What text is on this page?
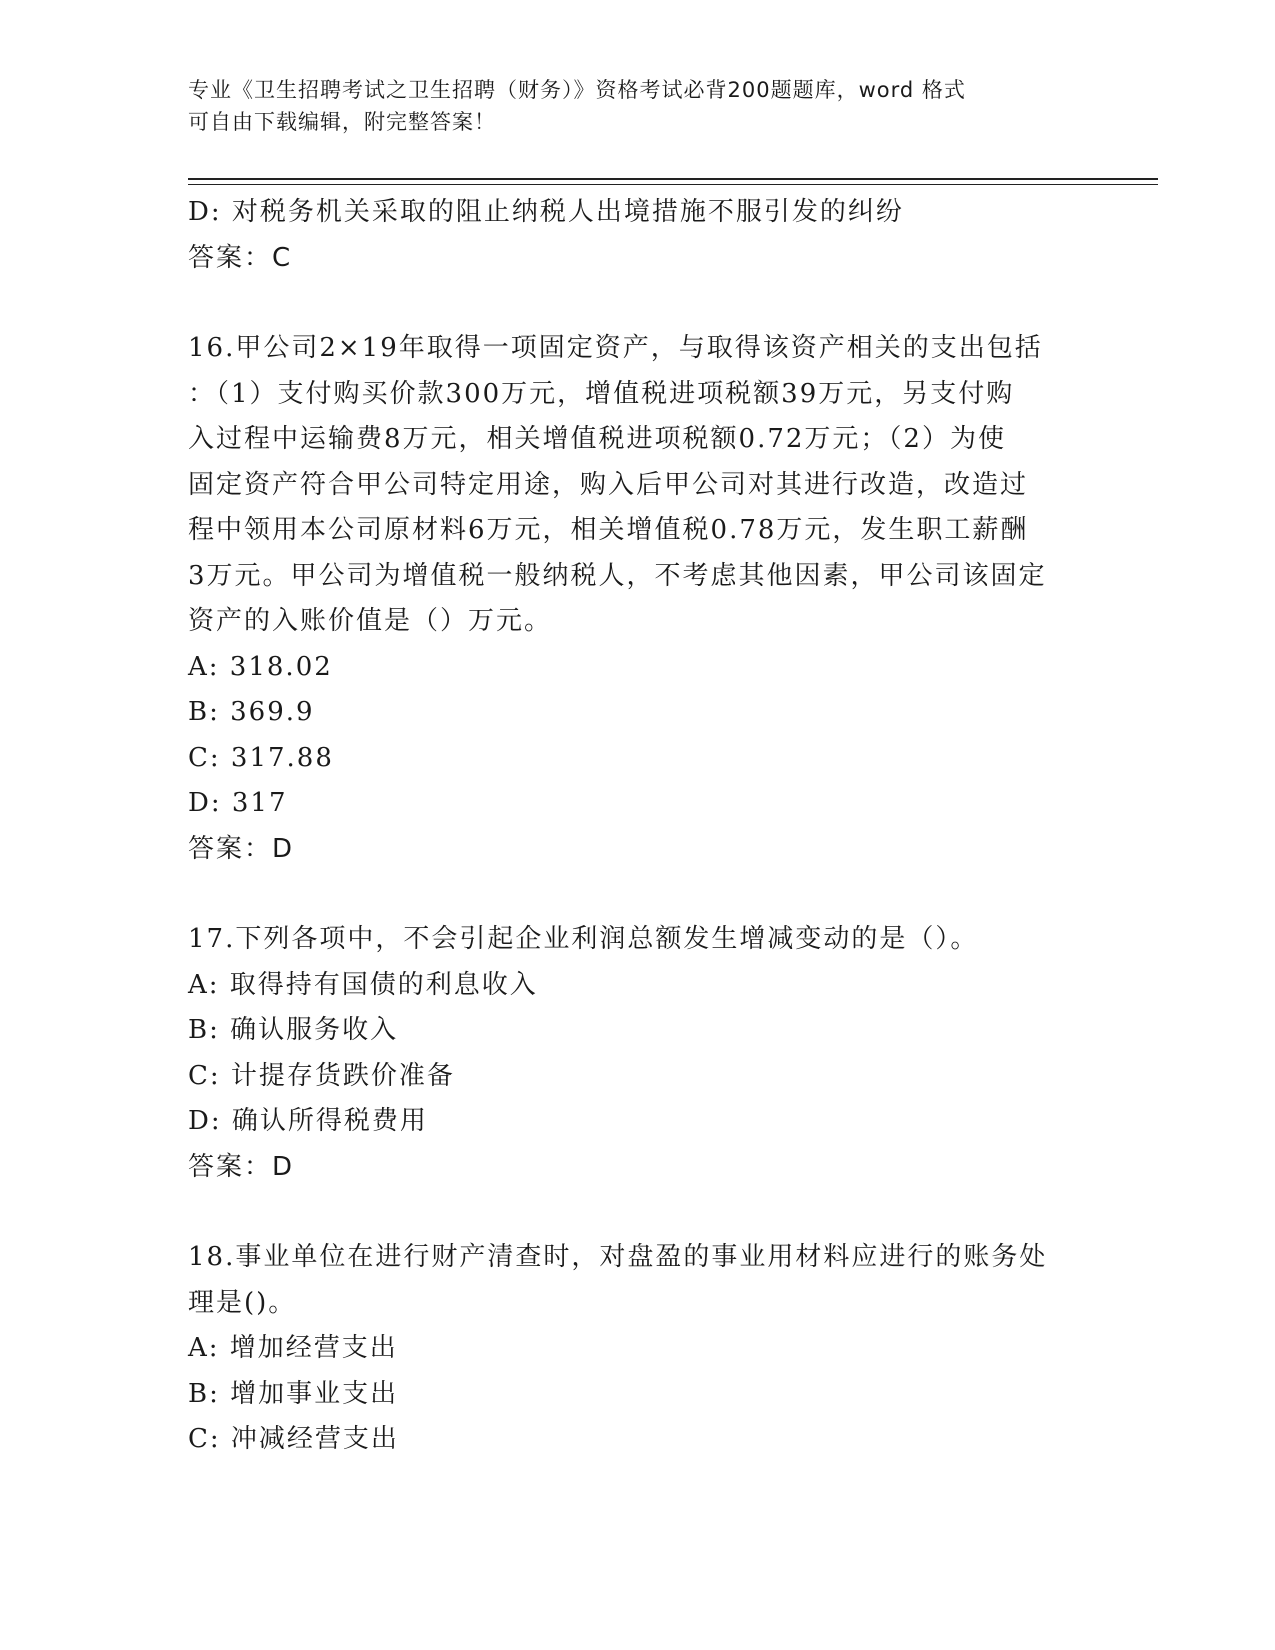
专业《卫生招聘考试之卫生招聘（财务）》资格考试必背200题题库，word 格式
可自由下载编辑，附完整答案！

D: 对税务机关采取的阻止纳税人出境措施不服引发的纠纷

答案：C

16.甲公司2×19年取得一项固定资产，与取得该资产相关的支出包括

：（1）支付购买价款300万元，增值税进项税额39万元，另支付购

入过程中运输费8万元，相关增值税进项税额0.72万元；（2）为使

固定资产符合甲公司特定用途，购入后甲公司对其进行改造，改造过

程中领用本公司原材料6万元，相关增值税0.78万元，发生职工薪酬

3万元。甲公司为增值税一般纳税人，不考虑其他因素，甲公司该固定

资产的入账价值是（）万元。

A: 318.02

B: 369.9

C: 317.88

D: 317

答案：D

17.下列各项中，不会引起企业利润总额发生增减变动的是（）。

A: 取得持有国债的利息收入

B: 确认服务收入

C: 计提存货跌价准备

D: 确认所得税费用

答案：D

18.事业单位在进行财产清查时，对盘盈的事业用材料应进行的账务处

理是()。

A: 增加经营支出

B: 增加事业支出

C: 冲减经营支出
